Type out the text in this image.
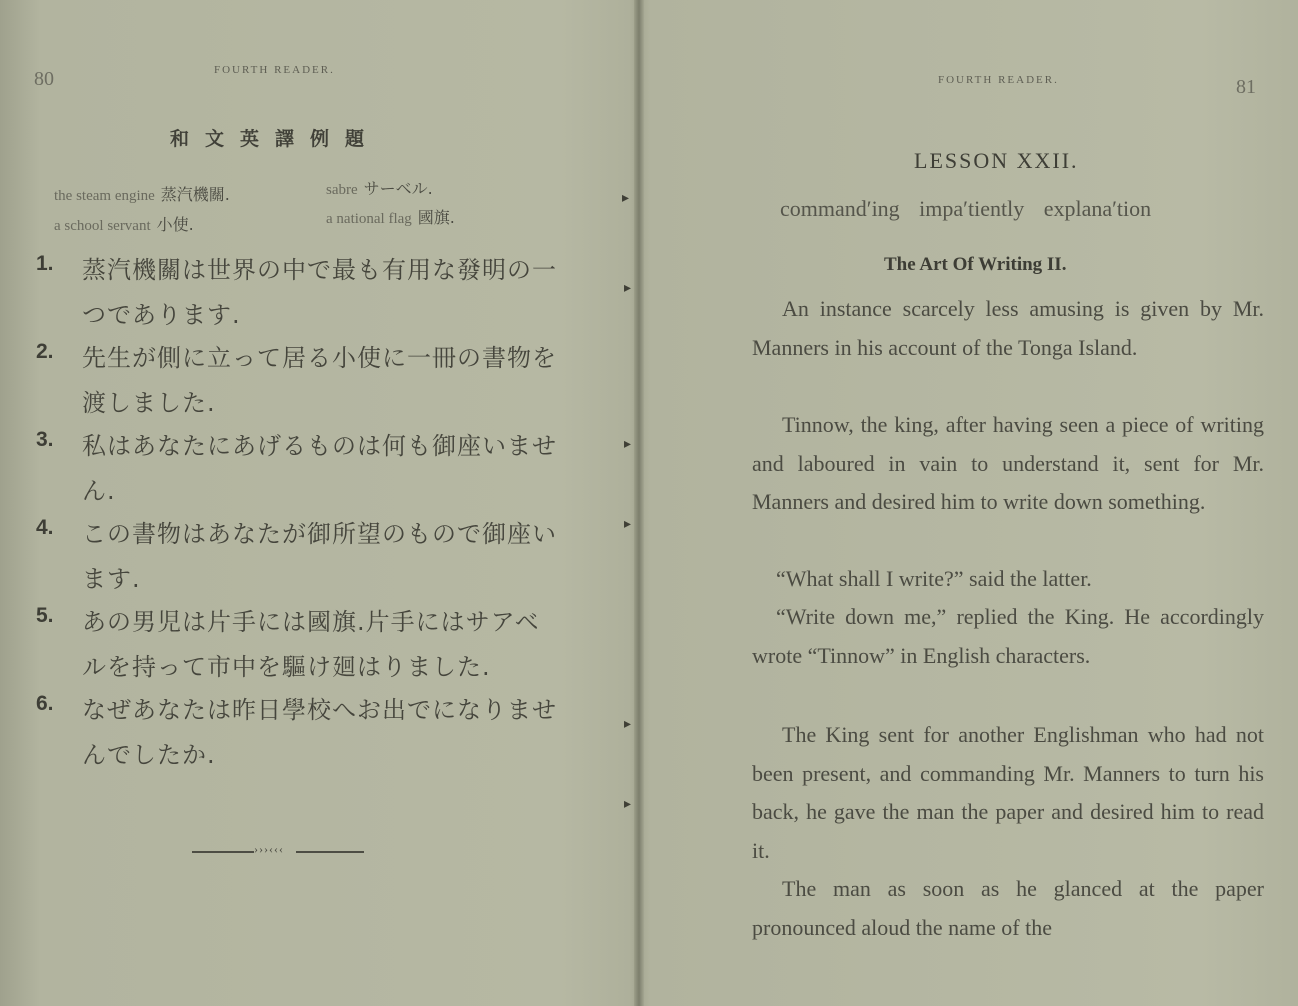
▸
▸
▸
▸
▸
▸
80	FOURTH READER.
和文英譯例題
the steam engine 蒸汽機關.	sabre サーベル.
a school servant 小使.	a national flag 國旗.
1. 蒸汽機關は世界の中で最も有用な發明の一つであります.
2. 先生が側に立って居る小使に一冊の書物を渡しました.
3. 私はあなたにあげるものは何も御座いません.
4. この書物はあなたが御所望のもので御座います.
5. あの男児は片手には國旗.片手にはサアベルを持って市中を驅け廻はりました.
6. なぜあなたは昨日學校へお出でになりませんでしたか.
›››‹‹‹
FOURTH READER.	81
LESSON XXII.
command′ing impa′tiently explana′tion
The Art Of Writing II.
An instance scarcely less amusing is given by Mr. Manners in his account of the Tonga Island.
Tinnow, the king, after having seen a piece of writing and laboured in vain to understand it, sent for Mr. Manners and desired him to write down something.
“What shall I write?” said the latter.
“Write down me,” replied the King. He accordingly wrote “Tinnow” in English characters.
The King sent for another Englishman who had not been present, and commanding Mr. Manners to turn his back, he gave the man the paper and desired him to read it.
The man as soon as he glanced at the paper pronounced aloud the name of the
